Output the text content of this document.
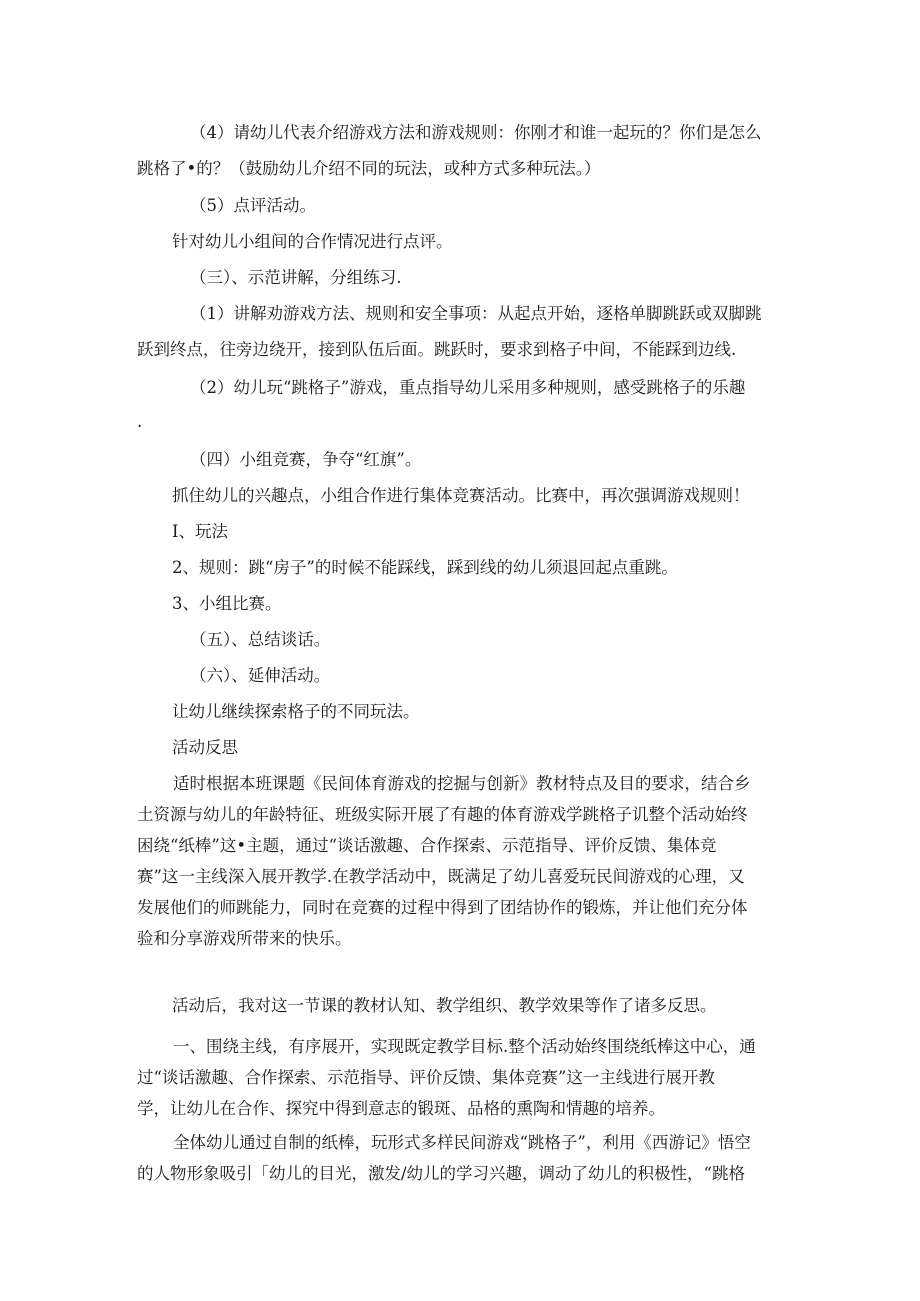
（4）请幼儿代表介绍游戏方法和游戏规则：你刚才和谁一起玩的？你们是怎么

跳格了•的？（鼓励幼儿介绍不同的玩法，或种方式多种玩法。）

（5）点评活动。

针对幼儿小组间的合作情况进行点评。

（三）、示范讲解，分组练习.

（1）讲解劝游戏方法、规则和安全事项：从起点开始，逐格单脚跳跃或双脚跳

跃到终点，往旁边绕开，接到队伍后面。跳跃时，要求到格子中间，不能踩到边线.

（2）幼儿玩“跳格子”游戏，重点指导幼儿采用多种规则，感受跳格子的乐趣

.

（四）小组竞赛，争夺“红旗”。

抓住幼儿的兴趣点，小组合作进行集体竞赛活动。比赛中，再次强调游戏规则！

I、玩法

2、规则：跳“房子”的时候不能踩线，踩到线的幼儿须退回起点重跳。

3、小组比赛。

（五）、总结谈话。

（六）、延伸活动。

让幼儿继续探索格子的不同玩法。

活动反思

适时根据本班课题《民间体育游戏的挖掘与创新》教材特点及目的要求，结合乡
土资源与幼儿的年龄特征、班级实际开展了有趣的体育游戏学跳格子讥整个活动始终
困绕“纸棒”这•主题，通过“谈话激趣、合作探索、示范指导、评价反馈、集体竞
赛”这一主线深入展开教学.在教学活动中，既满足了幼儿喜爱玩民间游戏的心理，又
发展他们的师跳能力，同时在竞赛的过程中得到了团结协作的锻炼，并让他们充分体
验和分享游戏所带来的快乐。

活动后，我对这一节课的教材认知、教学组织、教学效果等作了诸多反思。

一、围绕主线，有序展开，实现既定教学目标.整个活动始终围绕纸棒这中心，通
过“谈话激趣、合作探索、示范指导、评价反馈、集体竞赛”这一主线进行展开教
学，让幼儿在合作、探究中得到意志的锻斑、品格的熏陶和情趣的培养。
全体幼儿通过自制的纸棒，玩形式多样民间游戏“跳格子”，利用《西游记》悟空
的人物形象吸引「幼儿的目光，激发/幼儿的学习兴趣，调动了幼儿的积极性，“跳格
